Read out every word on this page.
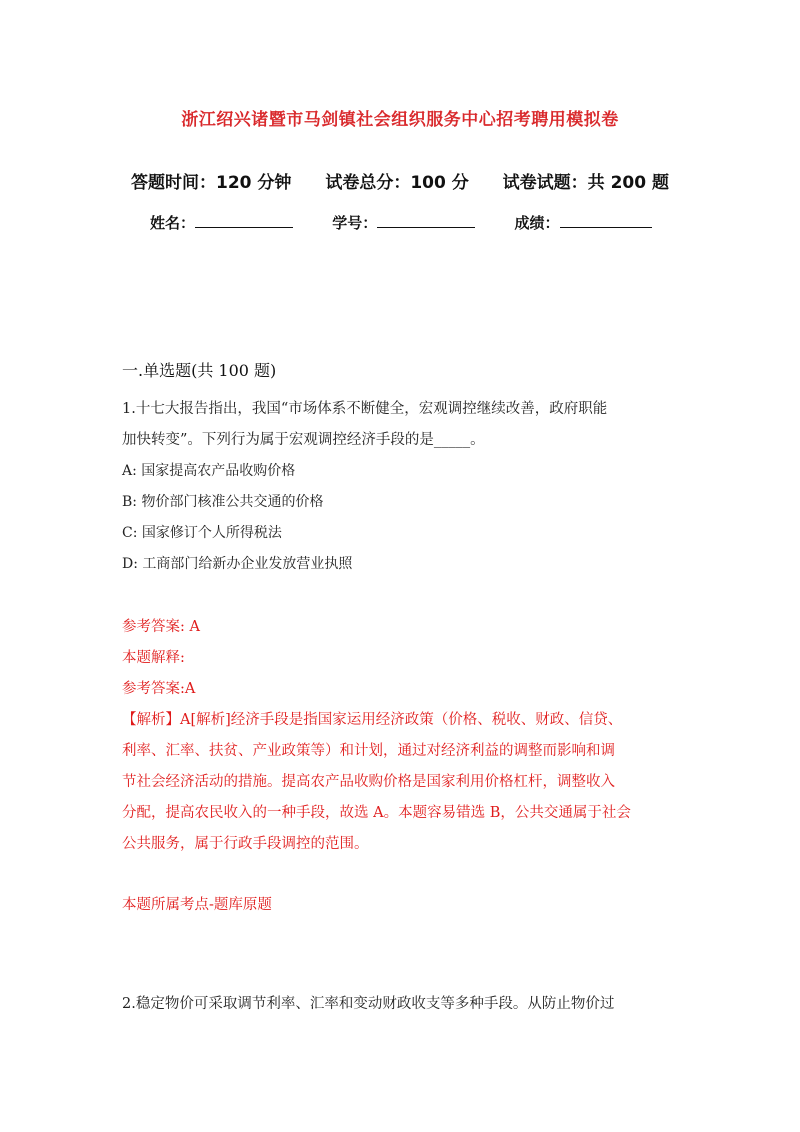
浙江绍兴诸暨市马剑镇社会组织服务中心招考聘用模拟卷
答题时间：120 分钟 试卷总分：100 分 试卷试题：共 200 题
姓名：	学号：	成绩：
一.单选题(共 100 题)

1.十七大报告指出，我国“市场体系不断健全，宏观调控继续改善，政府职能

加快转变”。下列行为属于宏观调控经济手段的是_____。

A: 国家提高农产品收购价格

B: 物价部门核准公共交通的价格

C: 国家修订个人所得税法

D: 工商部门给新办企业发放营业执照

参考答案: A

本题解释:

参考答案:A

【解析】A[解析]经济手段是指国家运用经济政策（价格、税收、财政、信贷、

利率、汇率、扶贫、产业政策等）和计划，通过对经济利益的调整而影响和调

节社会经济活动的措施。提高农产品收购价格是国家利用价格杠杆，调整收入

分配，提高农民收入的一种手段，故选 A。本题容易错选 B，公共交通属于社会

公共服务，属于行政手段调控的范围。

本题所属考点-题库原题

2.稳定物价可采取调节利率、汇率和变动财政收支等多种手段。从防止物价过
